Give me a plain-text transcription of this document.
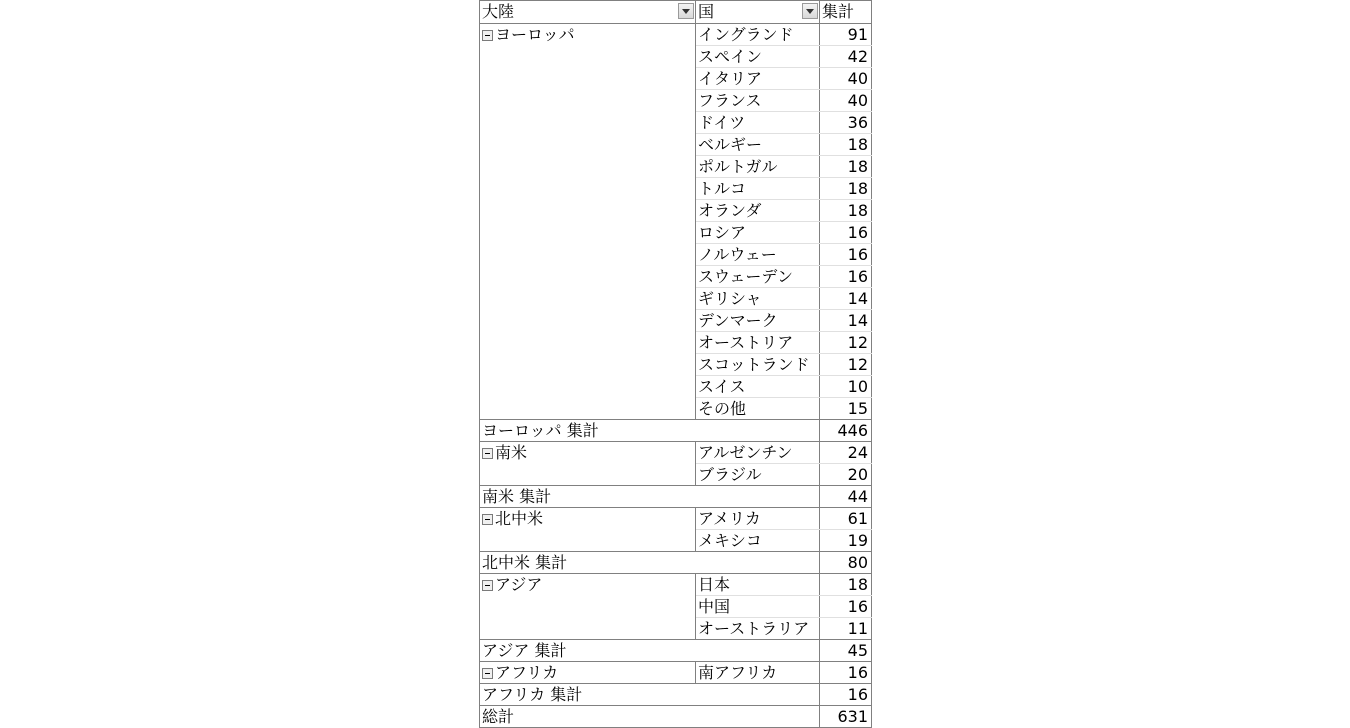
大陸	国	集計
ヨーロッパ	イングランド	91
	スペイン	42
	イタリア	40
	フランス	40
	ドイツ	36
	ベルギー	18
	ポルトガル	18
	トルコ	18
	オランダ	18
	ロシア	16
	ノルウェー	16
	スウェーデン	16
	ギリシャ	14
	デンマーク	14
	オーストリア	12
	スコットランド	12
	スイス	10
	その他	15
ヨーロッパ 集計		446
南米	アルゼンチン	24
	ブラジル	20
南米 集計		44
北中米	アメリカ	61
	メキシコ	19
北中米 集計		80
アジア	日本	18
	中国	16
	オーストラリア	11
アジア 集計		45
アフリカ	南アフリカ	16
アフリカ 集計		16
総計		631
